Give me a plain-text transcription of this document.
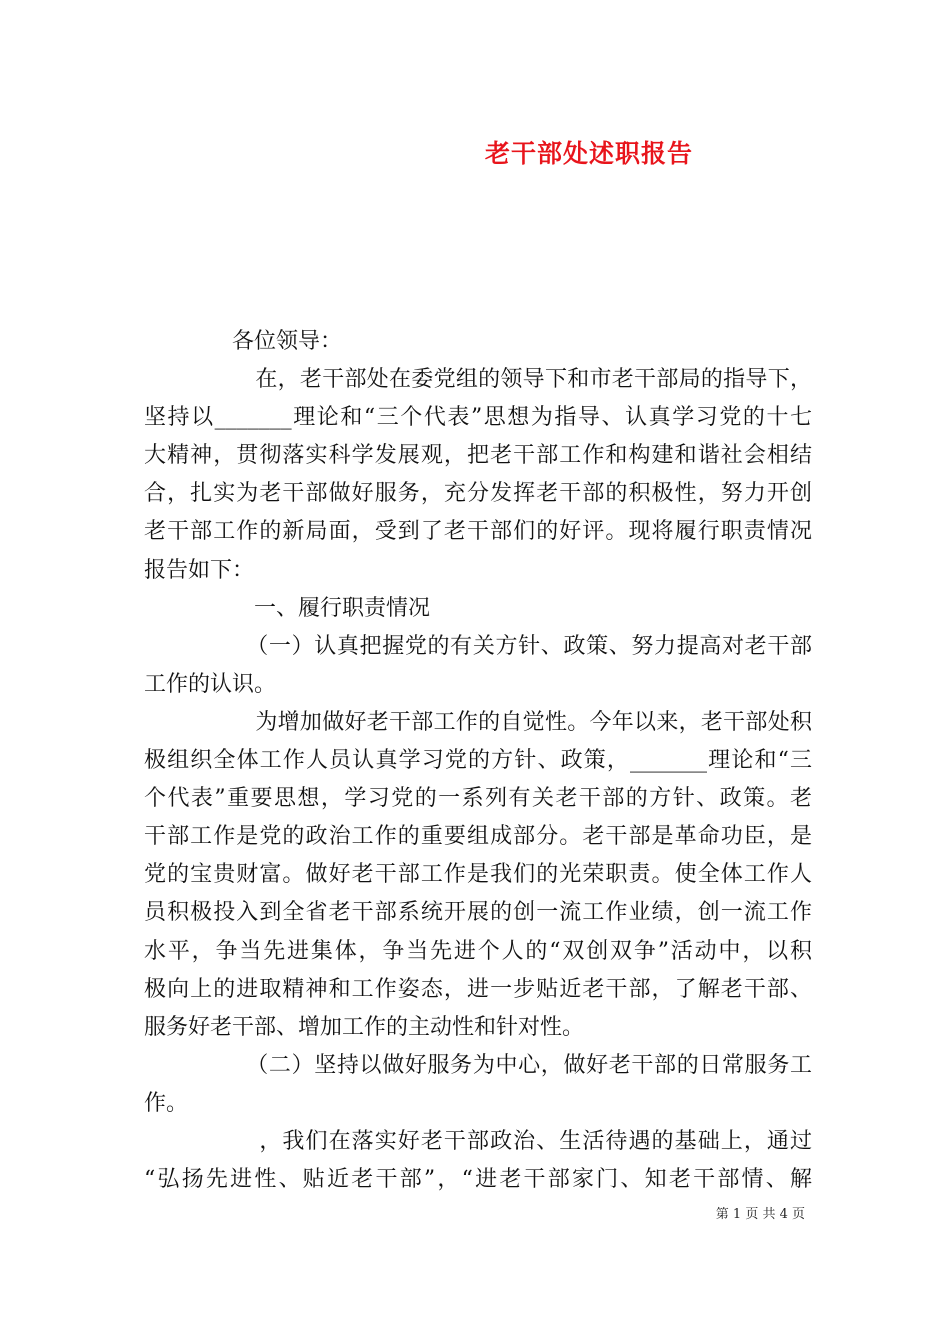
老干部处述职报告
　　　　各位领导：
　　　　　在，老干部处在委党组的领导下和市老干部局的指导下，
坚持以_______理论和“三个代表”思想为指导、认真学习党的十七
大精神，贯彻落实科学发展观，把老干部工作和构建和谐社会相结
合，扎实为老干部做好服务，充分发挥老干部的积极性，努力开创
老干部工作的新局面，受到了老干部们的好评。现将履行职责情况
报告如下：
　　　　　一、履行职责情况
　　　　　（一）认真把握党的有关方针、政策、努力提高对老干部
工作的认识。
　　　　　为增加做好老干部工作的自觉性。今年以来，老干部处积
极组织全体工作人员认真学习党的方针、政策，_______理论和“三
个代表”重要思想，学习党的一系列有关老干部的方针、政策。老
干部工作是党的政治工作的重要组成部分。老干部是革命功臣，是
党的宝贵财富。做好老干部工作是我们的光荣职责。使全体工作人
员积极投入到全省老干部系统开展的创一流工作业绩，创一流工作
水平，争当先进集体，争当先进个人的“双创双争”活动中，以积
极向上的进取精神和工作姿态，进一步贴近老干部，了解老干部、
服务好老干部、增加工作的主动性和针对性。
　　　　　（二）坚持以做好服务为中心，做好老干部的日常服务工
作。
　　　　　，我们在落实好老干部政治、生活待遇的基础上，通过
“弘扬先进性、贴近老干部”，“进老干部家门、知老干部情、解
第 1 页 共 4 页
